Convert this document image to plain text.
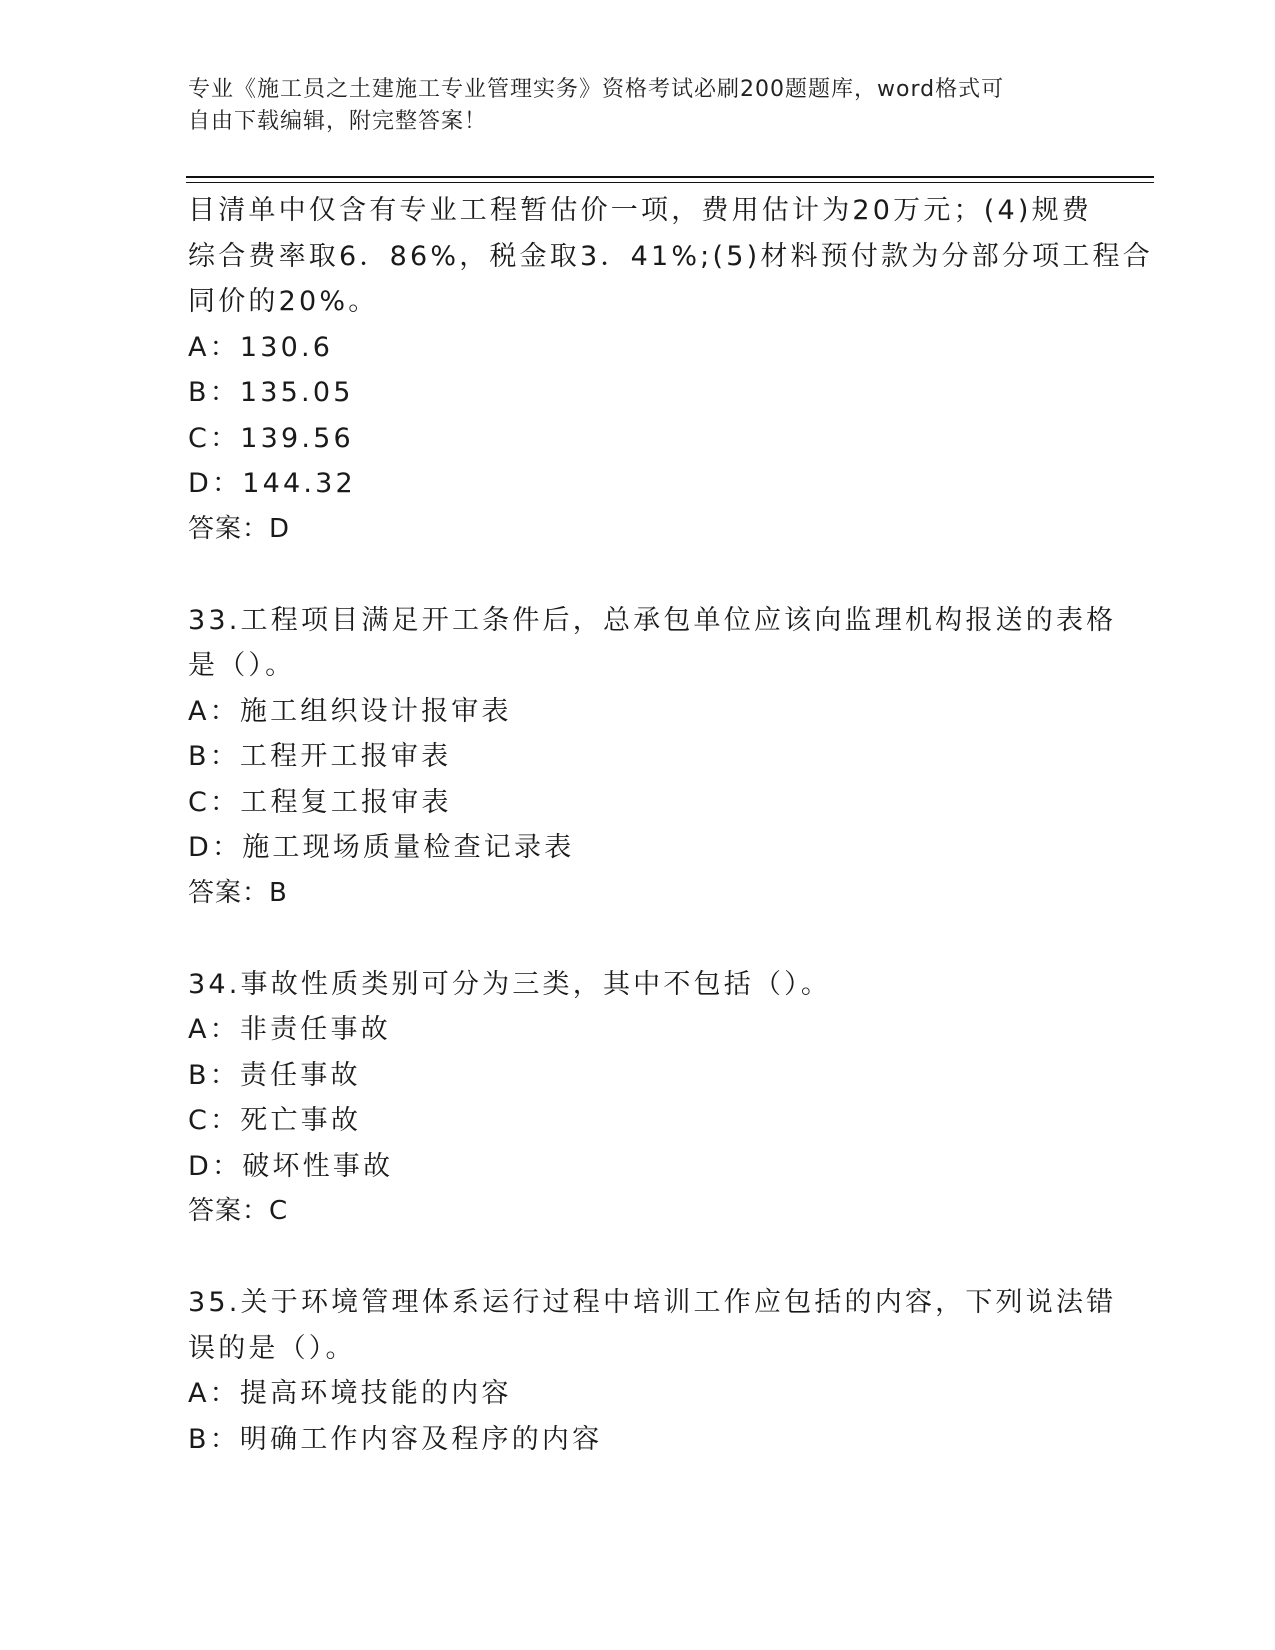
专业《施工员之土建施工专业管理实务》资格考试必刷200题题库，word格式可
自由下载编辑，附完整答案！
目清单中仅含有专业工程暂估价一项，费用估计为20万元；(4)规费
综合费率取6．86%，税金取3．41%;(5)材料预付款为分部分项工程合
同价的20%。
A：130.6
B：135.05
C：139.56
D：144.32
答案：D
33.工程项目满足开工条件后，总承包单位应该向监理机构报送的表格
是（）。
A：施工组织设计报审表
B：工程开工报审表
C：工程复工报审表
D：施工现场质量检查记录表
答案：B
34.事故性质类别可分为三类，其中不包括（）。
A：非责任事故
B：责任事故
C：死亡事故
D：破坏性事故
答案：C
35.关于环境管理体系运行过程中培训工作应包括的内容，下列说法错
误的是（）。
A：提高环境技能的内容
B：明确工作内容及程序的内容
